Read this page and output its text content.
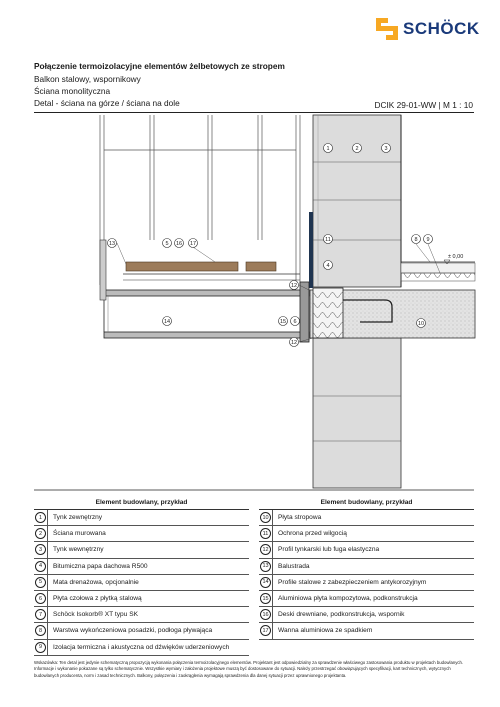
SCHÖCK
Połączenie termoizolacyjne elementów żelbetowych ze stropem
Balkon stalowy, wspornikowy
Ściana monolityczna
Detal - ściana na górze / ściana na dole	DCIK 29-01-WW | M 1 : 10
± 0,00
1	2	3
11
4
8 9
13	5 16 17
12
14	15 6	10
12
Element budowlany, przykład
1	Tynk zewnętrzny
2	Ściana murowana
3	Tynk wewnętrzny
4	Bitumiczna papa dachowa R500
5	Mata drenażowa, opcjonalnie
6	Płyta czołowa z płytką stalową
7	Schöck Isokorb® XT typu SK
8	Warstwa wykończeniowa posadzki, podłoga pływająca
9	Izolacja termiczna i akustyczna od dźwięków uderzeniowych
Element budowlany, przykład
10	Płyta stropowa
11	Ochrona przed wilgocią
12	Profil tynkarski lub fuga elastyczna
13	Balustrada
14	Profile stalowe z zabezpieczeniem antykorozyjnym
15	Aluminiowa płyta kompozytowa, podkonstrukcja
16	Deski drewniane, podkonstrukcja, wspornik
17	Wanna aluminiowa ze spadkiem
Wskazówka: Ten detal jest jedynie schematyczną propozycją wykonania połączenia termoizolacyjnego elementów. Projektant jest odpowiedzialny za sprawdzenie właściwego zastosowania produktu w projektach budowlanych. Informacje i wykonanie pokazane są tylko schematycznie. Wszystkie wymiary i założenia projektowe muszą być dostosowane do sytuacji. Należy przestrzegać obowiązujących specyfikacji, kart technicznych, wytycznych budowlanych producenta, norm i zasad technicznych. Balkony, połączenia i zaokrąglenia wymagają sprawdzenia dla danej sytuacji przez uprawnionego projektanta.
